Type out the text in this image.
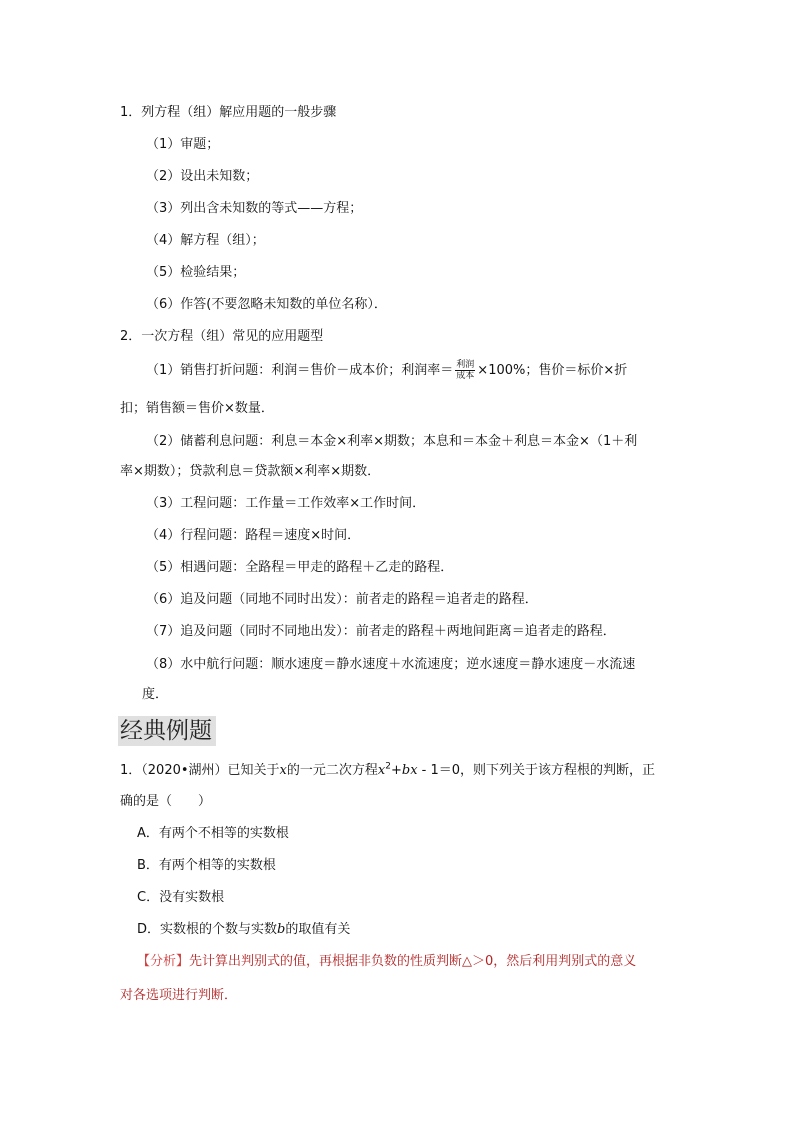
1．列方程（组）解应用题的一般步骤
（1）审题；
（2）设出未知数；
（3）列出含未知数的等式——方程；
（4）解方程（组）；
（5）检验结果；
（6）作答(不要忽略未知数的单位名称）．
2．一次方程（组）常见的应用题型
（1）销售打折问题：利润＝售价－成本价；利润率＝ $\frac{\text{利润}}{\text{成本}} \times 100\%$；售价＝标价×折
扣；销售额＝售价×数量．
（2）储蓄利息问题：利息＝本金×利率×期数；本息和＝本金＋利息＝本金×（1＋利
率×期数）；贷款利息＝贷款额×利率×期数．
（3）工程问题：工作量＝工作效率×工作时间．
（4）行程问题：路程＝速度×时间．
（5）相遇问题：全路程＝甲走的路程＋乙走的路程．
（6）追及问题（同地不同时出发）：前者走的路程＝追者走的路程．
（7）追及问题（同时不同地出发）：前者走的路程＋两地间距离＝追者走的路程．
（8）水中航行问题：顺水速度＝静水速度＋水流速度；逆水速度＝静水速度－水流速
度．
经典例题
1．（2020•湖州）已知关于x的一元二次方程$x^2+bx - 1=0$，则下列关于该方程根的判断，正
确的是（　　）
A．有两个不相等的实数根
B．有两个相等的实数根
C．没有实数根
D．实数根的个数与实数b的取值有关
【分析】先计算出判别式的值，再根据非负数的性质判断△＞0，然后利用判别式的意义
对各选项进行判断．
